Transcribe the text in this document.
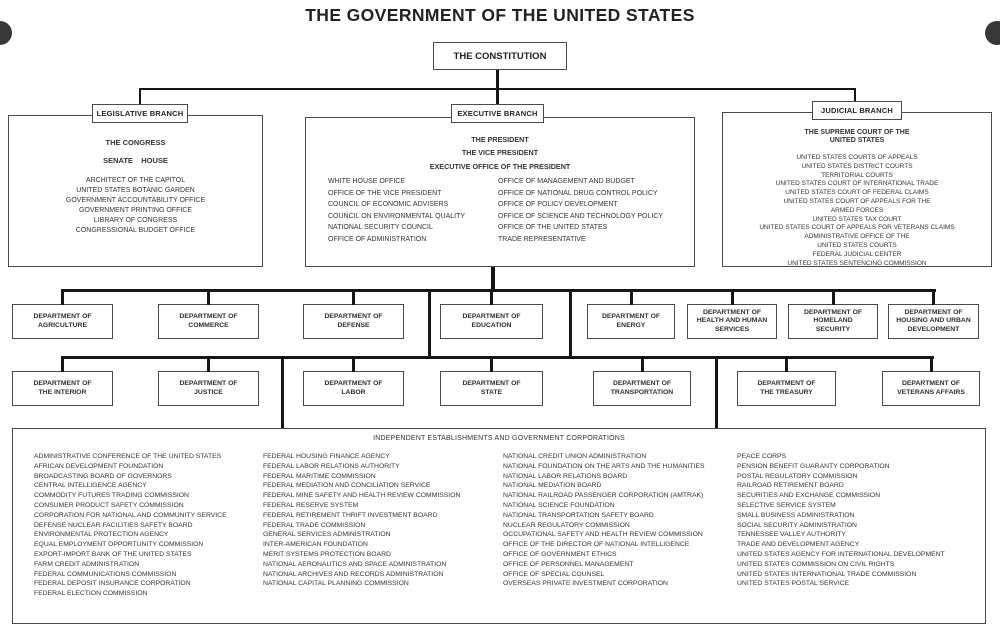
THE GOVERNMENT OF THE UNITED STATES
THE CONSTITUTION
LEGISLATIVE BRANCH	EXECUTIVE BRANCH	JUDICIAL BRANCH
THE CONGRESS
SENATE    HOUSE
ARCHITECT OF THE CAPITOL
UNITED STATES BOTANIC GARDEN
GOVERNMENT ACCOUNTABILITY OFFICE
GOVERNMENT PRINTING OFFICE
LIBRARY OF CONGRESS
CONGRESSIONAL BUDGET OFFICE
THE PRESIDENT
THE VICE PRESIDENT
EXECUTIVE OFFICE OF THE PRESIDENT
WHITE HOUSE OFFICE
OFFICE OF THE VICE PRESIDENT
COUNCIL OF ECONOMIC ADVISERS
COUNCIL ON ENVIRONMENTAL QUALITY
NATIONAL SECURITY COUNCIL
OFFICE OF ADMINISTRATION
OFFICE OF MANAGEMENT AND BUDGET
OFFICE OF NATIONAL DRUG CONTROL POLICY
OFFICE OF POLICY DEVELOPMENT
OFFICE OF SCIENCE AND TECHNOLOGY POLICY
OFFICE OF THE UNITED STATES
TRADE REPRESENTATIVE
THE SUPREME COURT OF THE
UNITED STATES
UNITED STATES COURTS OF APPEALS
UNITED STATES DISTRICT COURTS
TERRITORIAL COURTS
UNITED STATES COURT OF INTERNATIONAL TRADE
UNITED STATES COURT OF FEDERAL CLAIMS
UNITED STATES COURT OF APPEALS FOR THE
ARMED FORCES
UNITED STATES TAX COURT
UNITED STATES COURT OF APPEALS FOR VETERANS CLAIMS
ADMINISTRATIVE OFFICE OF THE
UNITED STATES COURTS
FEDERAL JUDICIAL CENTER
UNITED STATES SENTENCING COMMISSION
DEPARTMENT OF
AGRICULTURE
DEPARTMENT OF
COMMERCE
DEPARTMENT OF
DEFENSE
DEPARTMENT OF
EDUCATION
DEPARTMENT OF
ENERGY
DEPARTMENT OF
HEALTH AND HUMAN
SERVICES
DEPARTMENT OF
HOMELAND
SECURITY
DEPARTMENT OF
HOUSING AND URBAN
DEVELOPMENT
DEPARTMENT OF
THE INTERIOR
DEPARTMENT OF
JUSTICE
DEPARTMENT OF
LABOR
DEPARTMENT OF
STATE
DEPARTMENT OF
TRANSPORTATION
DEPARTMENT OF
THE TREASURY
DEPARTMENT OF
VETERANS AFFAIRS
INDEPENDENT ESTABLISHMENTS AND GOVERNMENT CORPORATIONS
ADMINISTRATIVE CONFERENCE OF THE UNITED STATES
AFRICAN DEVELOPMENT FOUNDATION
BROADCASTING BOARD OF GOVERNORS
CENTRAL INTELLIGENCE AGENCY
COMMODITY FUTURES TRADING COMMISSION
CONSUMER PRODUCT SAFETY COMMISSION
CORPORATION FOR NATIONAL AND COMMUNITY SERVICE
DEFENSE NUCLEAR FACILITIES SAFETY BOARD
ENVIRONMENTAL PROTECTION AGENCY
EQUAL EMPLOYMENT OPPORTUNITY COMMISSION
EXPORT-IMPORT BANK OF THE UNITED STATES
FARM CREDIT ADMINISTRATION
FEDERAL COMMUNICATIONS COMMISSION
FEDERAL DEPOSIT INSURANCE CORPORATION
FEDERAL ELECTION COMMISSION
FEDERAL HOUSING FINANCE AGENCY
FEDERAL LABOR RELATIONS AUTHORITY
FEDERAL MARITIME COMMISSION
FEDERAL MEDIATION AND CONCILIATION SERVICE
FEDERAL MINE SAFETY AND HEALTH REVIEW COMMISSION
FEDERAL RESERVE SYSTEM
FEDERAL RETIREMENT THRIFT INVESTMENT BOARD
FEDERAL TRADE COMMISSION
GENERAL SERVICES ADMINISTRATION
INTER-AMERICAN FOUNDATION
MERIT SYSTEMS PROTECTION BOARD
NATIONAL AERONAUTICS AND SPACE ADMINISTRATION
NATIONAL ARCHIVES AND RECORDS ADMINISTRATION
NATIONAL CAPITAL PLANNING COMMISSION
NATIONAL CREDIT UNION ADMINISTRATION
NATIONAL FOUNDATION ON THE ARTS AND THE HUMANITIES
NATIONAL LABOR RELATIONS BOARD
NATIONAL MEDIATION BOARD
NATIONAL RAILROAD PASSENGER CORPORATION (AMTRAK)
NATIONAL SCIENCE FOUNDATION
NATIONAL TRANSPORTATION SAFETY BOARD
NUCLEAR REGULATORY COMMISSION
OCCUPATIONAL SAFETY AND HEALTH REVIEW COMMISSION
OFFICE OF THE DIRECTOR OF NATIONAL INTELLIGENCE
OFFICE OF GOVERNMENT ETHICS
OFFICE OF PERSONNEL MANAGEMENT
OFFICE OF SPECIAL COUNSEL
OVERSEAS PRIVATE INVESTMENT CORPORATION
PEACE CORPS
PENSION BENEFIT GUARANTY CORPORATION
POSTAL REGULATORY COMMISSION
RAILROAD RETIREMENT BOARD
SECURITIES AND EXCHANGE COMMISSION
SELECTIVE SERVICE SYSTEM
SMALL BUSINESS ADMINISTRATION
SOCIAL SECURITY ADMINISTRATION
TENNESSEE VALLEY AUTHORITY
TRADE AND DEVELOPMENT AGENCY
UNITED STATES AGENCY FOR INTERNATIONAL DEVELOPMENT
UNITED STATES COMMISSION ON CIVIL RIGHTS
UNITED STATES INTERNATIONAL TRADE COMMISSION
UNITED STATES POSTAL SERVICE
